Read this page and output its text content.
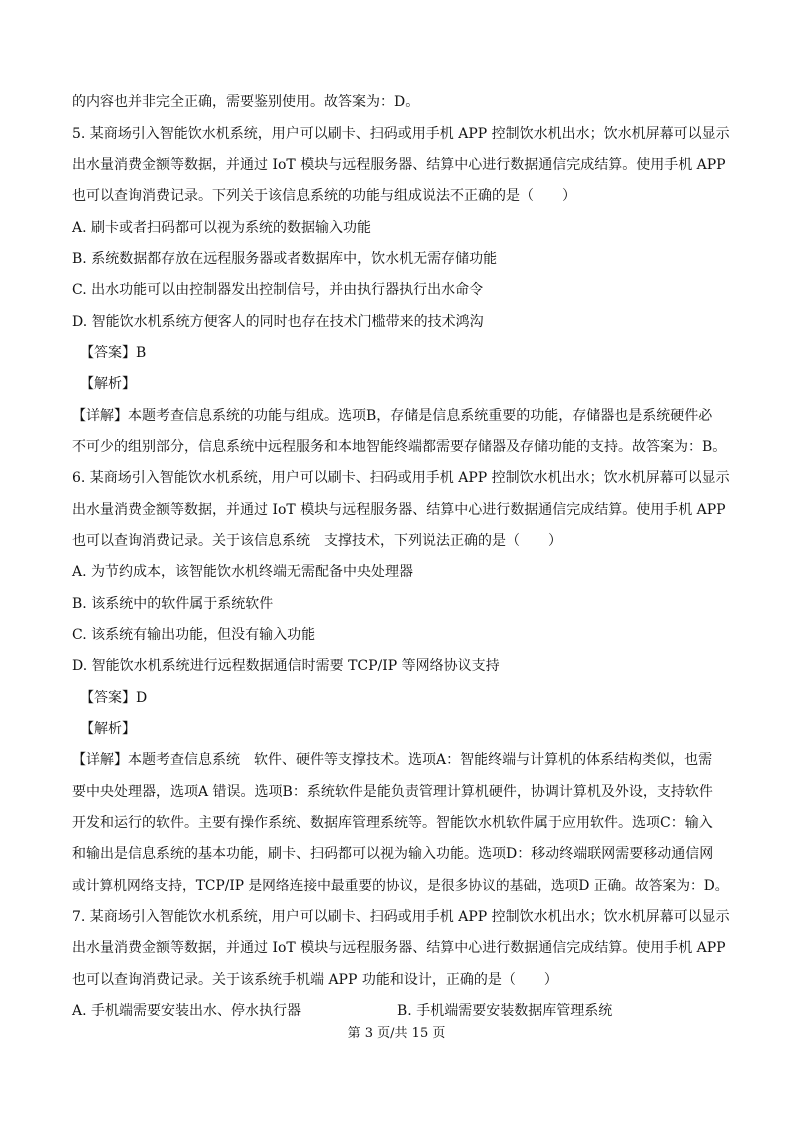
的内容也并非完全正确，需要鉴别使用。故答案为：D。
5. 某商场引入智能饮水机系统，用户可以刷卡、扫码或用手机 APP 控制饮水机出水；饮水机屏幕可以显示
出水量消费金额等数据，并通过 IoT 模块与远程服务器、结算中心进行数据通信完成结算。使用手机 APP
也可以查询消费记录。下列关于该信息系统的功能与组成说法不正确的是（　　）
A. 刷卡或者扫码都可以视为系统的数据输入功能
B. 系统数据都存放在远程服务器或者数据库中，饮水机无需存储功能
C. 出水功能可以由控制器发出控制信号，并由执行器执行出水命令
D. 智能饮水机系统方便客人的同时也存在技术门槛带来的技术鸿沟
【答案】B
【解析】
【详解】本题考查信息系统的功能与组成。选项B，存储是信息系统重要的功能，存储器也是系统硬件必
不可少的组别部分，信息系统中远程服务和本地智能终端都需要存储器及存储功能的支持。故答案为：B。
6. 某商场引入智能饮水机系统，用户可以刷卡、扫码或用手机 APP 控制饮水机出水；饮水机屏幕可以显示
出水量消费金额等数据，并通过 IoT 模块与远程服务器、结算中心进行数据通信完成结算。使用手机 APP
也可以查询消费记录。关于该信息系统　支撑技术，下列说法正确的是（　　）
A. 为节约成本，该智能饮水机终端无需配备中央处理器
B. 该系统中的软件属于系统软件
C. 该系统有输出功能，但没有输入功能
D. 智能饮水机系统进行远程数据通信时需要 TCP/IP 等网络协议支持
【答案】D
【解析】
【详解】本题考查信息系统　软件、硬件等支撑技术。选项A：智能终端与计算机的体系结构类似，也需
要中央处理器，选项A 错误。选项B：系统软件是能负责管理计算机硬件，协调计算机及外设，支持软件
开发和运行的软件。主要有操作系统、数据库管理系统等。智能饮水机软件属于应用软件。选项C：输入
和输出是信息系统的基本功能，刷卡、扫码都可以视为输入功能。选项D：移动终端联网需要移动通信网
或计算机网络支持，TCP/IP 是网络连接中最重要的协议，是很多协议的基础，选项D 正确。故答案为：D。
7. 某商场引入智能饮水机系统，用户可以刷卡、扫码或用手机 APP 控制饮水机出水；饮水机屏幕可以显示
出水量消费金额等数据，并通过 IoT 模块与远程服务器、结算中心进行数据通信完成结算。使用手机 APP
也可以查询消费记录。关于该系统手机端 APP 功能和设计，正确的是（　　）
A. 手机端需要安装出水、停水执行器	B. 手机端需要安装数据库管理系统
第 3 页/共 15 页
